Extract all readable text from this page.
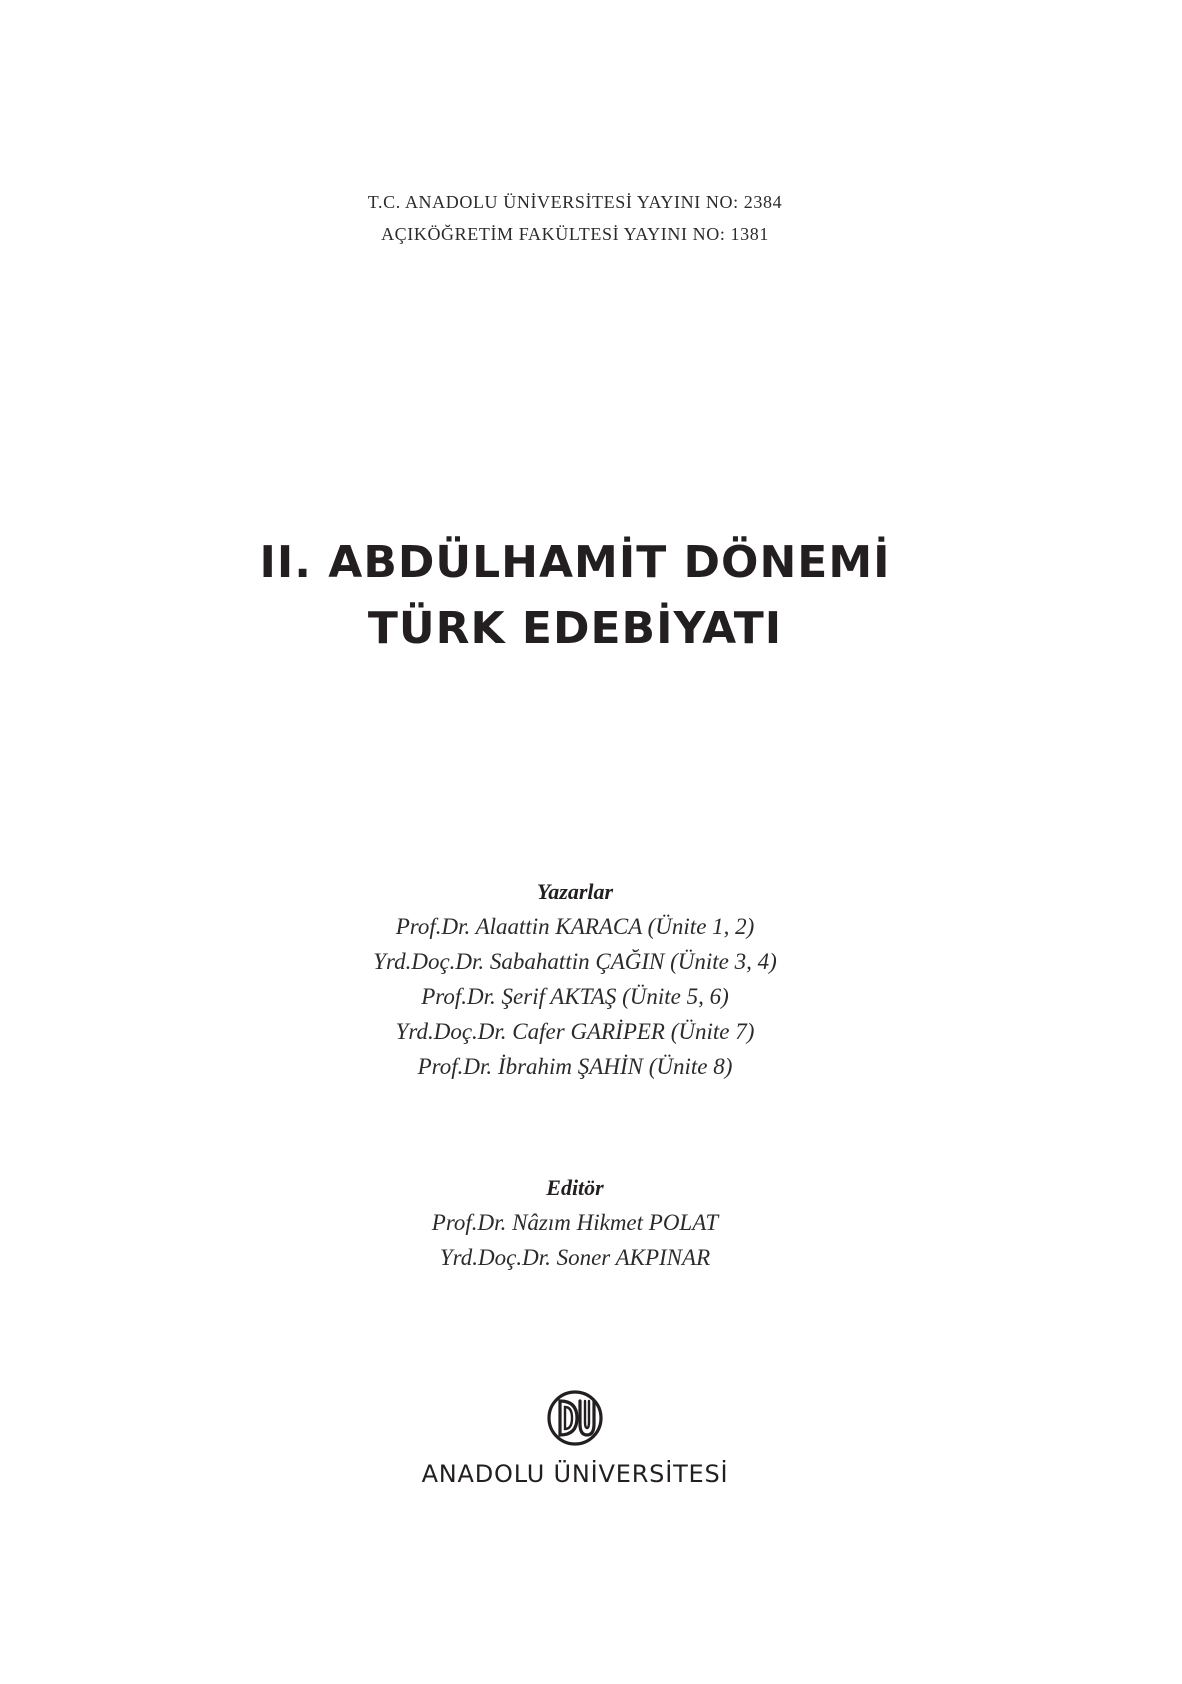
T.C. ANADOLU ÜNİVERSİTESİ YAYINI NO: 2384
AÇIKÖĞRETİM FAKÜLTESİ YAYINI NO: 1381
II. ABDÜLHAMİT DÖNEMİ
TÜRK EDEBİYATI
Yazarlar
Prof.Dr. Alaattin KARACA (Ünite 1, 2)
Yrd.Doç.Dr. Sabahattin ÇAĞIN (Ünite 3, 4)
Prof.Dr. Şerif AKTAŞ (Ünite 5, 6)
Yrd.Doç.Dr. Cafer GARİPER (Ünite 7)
Prof.Dr. İbrahim ŞAHİN (Ünite 8)
Editör
Prof.Dr. Nâzım Hikmet POLAT
Yrd.Doç.Dr. Soner AKPINAR
ANADOLU ÜNİVERSİTESİ
